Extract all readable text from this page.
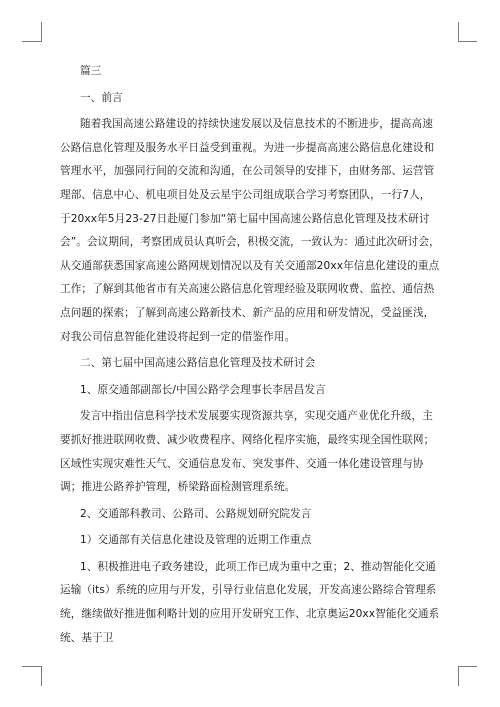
篇三

一、前言

随着我国高速公路建设的持续快速发展以及信息技术的不断进步，提高高速公路信息化管理及服务水平日益受到重视。为进一步提高高速公路信息化建设和管理水平，加强同行间的交流和沟通，在公司领导的安排下，由财务部、运营管理部、信息中心、机电项目处及云星宇公司组成联合学习考察团队，一行7人，于20xx年5月23-27日赴厦门参加“第七届中国高速公路信息化管理及技术研讨会”。会议期间，考察团成员认真听会，积极交流，一致认为：通过此次研讨会，从交通部获悉国家高速公路网规划情况以及有关交通部20xx年信息化建设的重点工作；了解到其他省市有关高速公路信息化管理经验及联网收费、监控、通信热点问题的探索；了解到高速公路新技术、新产品的应用和研发情况，受益匪浅，对我公司信息智能化建设将起到一定的借鉴作用。

二、第七届中国高速公路信息化管理及技术研讨会

1、原交通部副部长/中国公路学会理事长李居昌发言

发言中指出信息科学技术发展要实现资源共享，实现交通产业优化升级，主要抓好推进联网收费、减少收费程序、网络化程序实施，最终实现全国性联网；区域性实现灾难性天气、交通信息发布、突发事件、交通一体化建设管理与协调；推进公路养护管理，桥梁路面检测管理系统。

2、交通部科教司、公路司、公路规划研究院发言

1）交通部有关信息化建设及管理的近期工作重点

1、积极推进电子政务建设，此项工作已成为重中之重；2、推动智能化交通运输（its）系统的应用与开发，引导行业信息化发展，开发高速公路综合管理系统，继续做好推进伽利略计划的应用开发研究工作、北京奥运20xx智能化交通系统、基于卫
